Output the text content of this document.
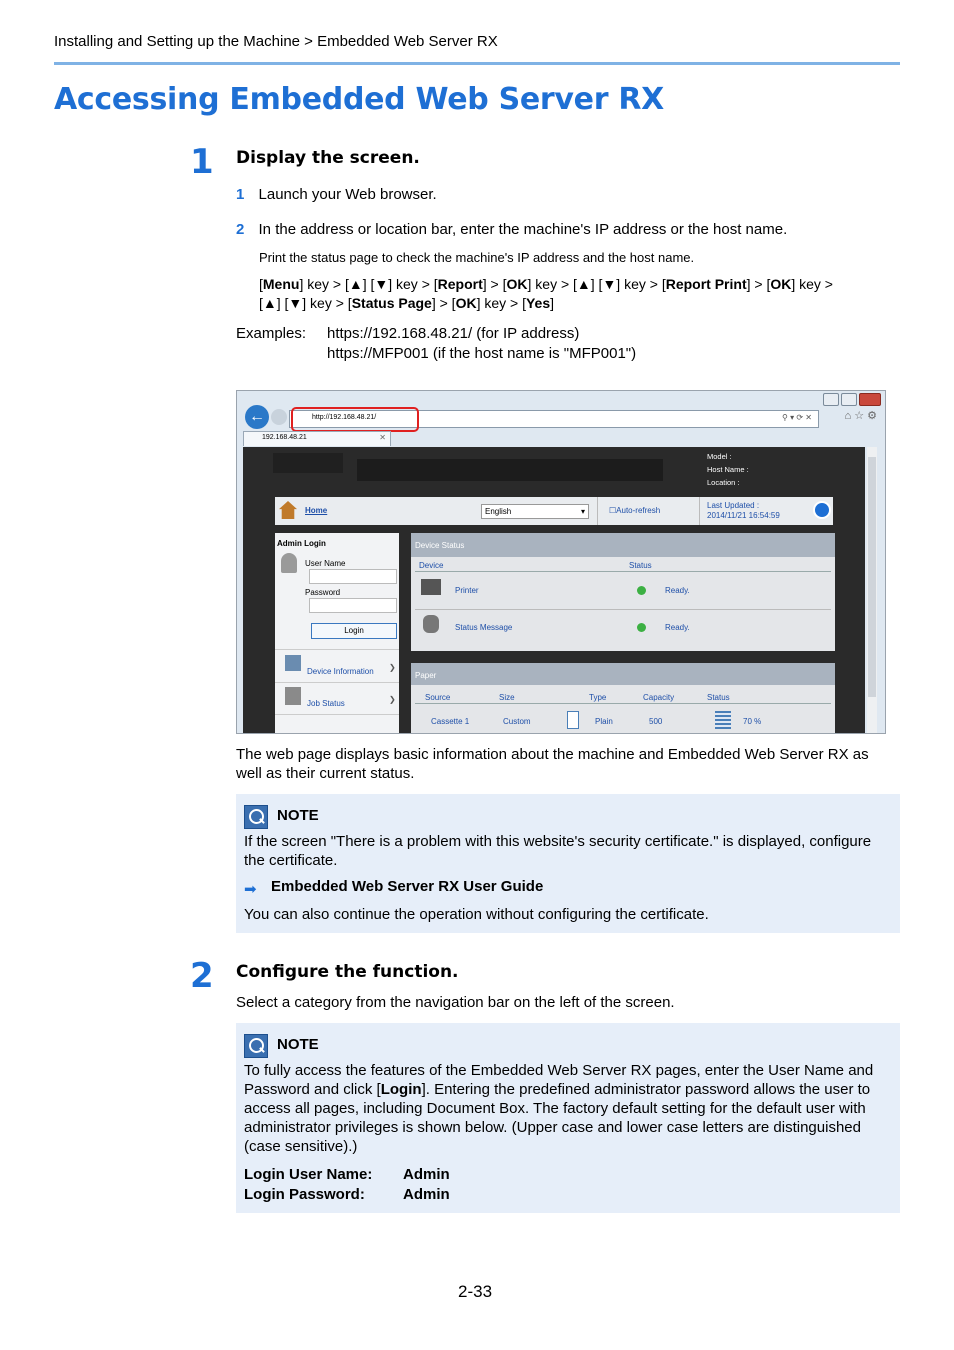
Installing and Setting up the Machine > Embedded Web Server RX
Accessing Embedded Web Server RX
1 Display the screen.
1 Launch your Web browser.
2 In the address or location bar, enter the machine's IP address or the host name.
Print the status page to check the machine's IP address and the host name.
[Menu] key > [▲] [▼] key > [Report] > [OK] key > [▲] [▼] key > [Report Print] > [OK] key >
[▲] [▼] key > [Status Page] > [OK] key > [Yes]
Examples: https://192.168.48.21/ (for IP address)
https://MFP001 (if the host name is "MFP001")
←	http://192.168.48.21/	⚲ ▾ ⟳ ✕	⌂ ☆ ⚙
192.168.48.21	✕
Model :
Host Name :
Location :
Home	English	▾	☐Auto-refresh
Last Updated :
2014/11/21 16:54:59
Admin Login
User Name
Password
Login
Device Information ❯
Job Status	❯
Device Status
Device	Status
Printer	Ready.
Status Message	Ready.
Paper
Source	Size	Type	Capacity	Status
Cassette 1	Custom	Plain	500	70 %
The web page displays basic information about the machine and Embedded Web Server RX as well as their current status.
NOTE
If the screen "There is a problem with this website's security certificate." is displayed, configure the certificate.
➡ Embedded Web Server RX User Guide
You can also continue the operation without configuring the certificate.
2 Configure the function.
Select a category from the navigation bar on the left of the screen.
NOTE
To fully access the features of the Embedded Web Server RX pages, enter the User Name and Password and click [Login]. Entering the predefined administrator password allows the user to access all pages, including Document Box. The factory default setting for the default user with administrator privileges is shown below. (Upper case and lower case letters are distinguished (case sensitive).)
Login User Name: Admin
Login Password:	Admin
2-33
